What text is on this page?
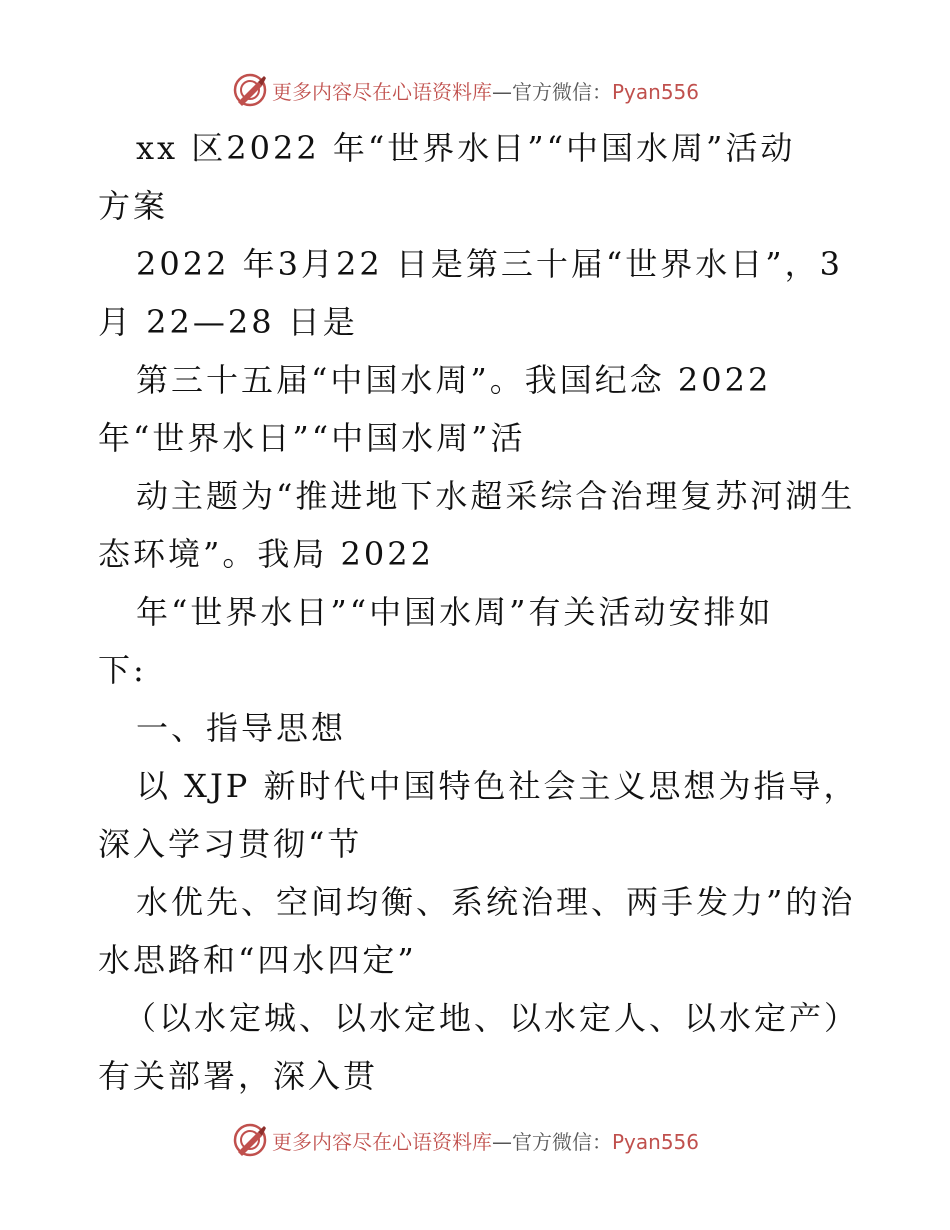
更多内容尽在心语资料库—官方微信：Pyan556
xx 区2022 年“世界水日”“中国水周”活动
方案
2022 年3月22 日是第三十届“世界水日”，3
月 22—28 日是
第三十五届“中国水周”。我国纪念 2022
年“世界水日”“中国水周”活
动主题为“推进地下水超采综合治理复苏河湖生
态环境”。我局 2022
年“世界水日”“中国水周”有关活动安排如
下:
一、指导思想
以 XJP 新时代中国特色社会主义思想为指导，
深入学习贯彻“节
水优先、空间均衡、系统治理、两手发力”的治
水思路和“四水四定”
（以水定城、以水定地、以水定人、以水定产）
有关部署，深入贯
更多内容尽在心语资料库—官方微信：Pyan556
